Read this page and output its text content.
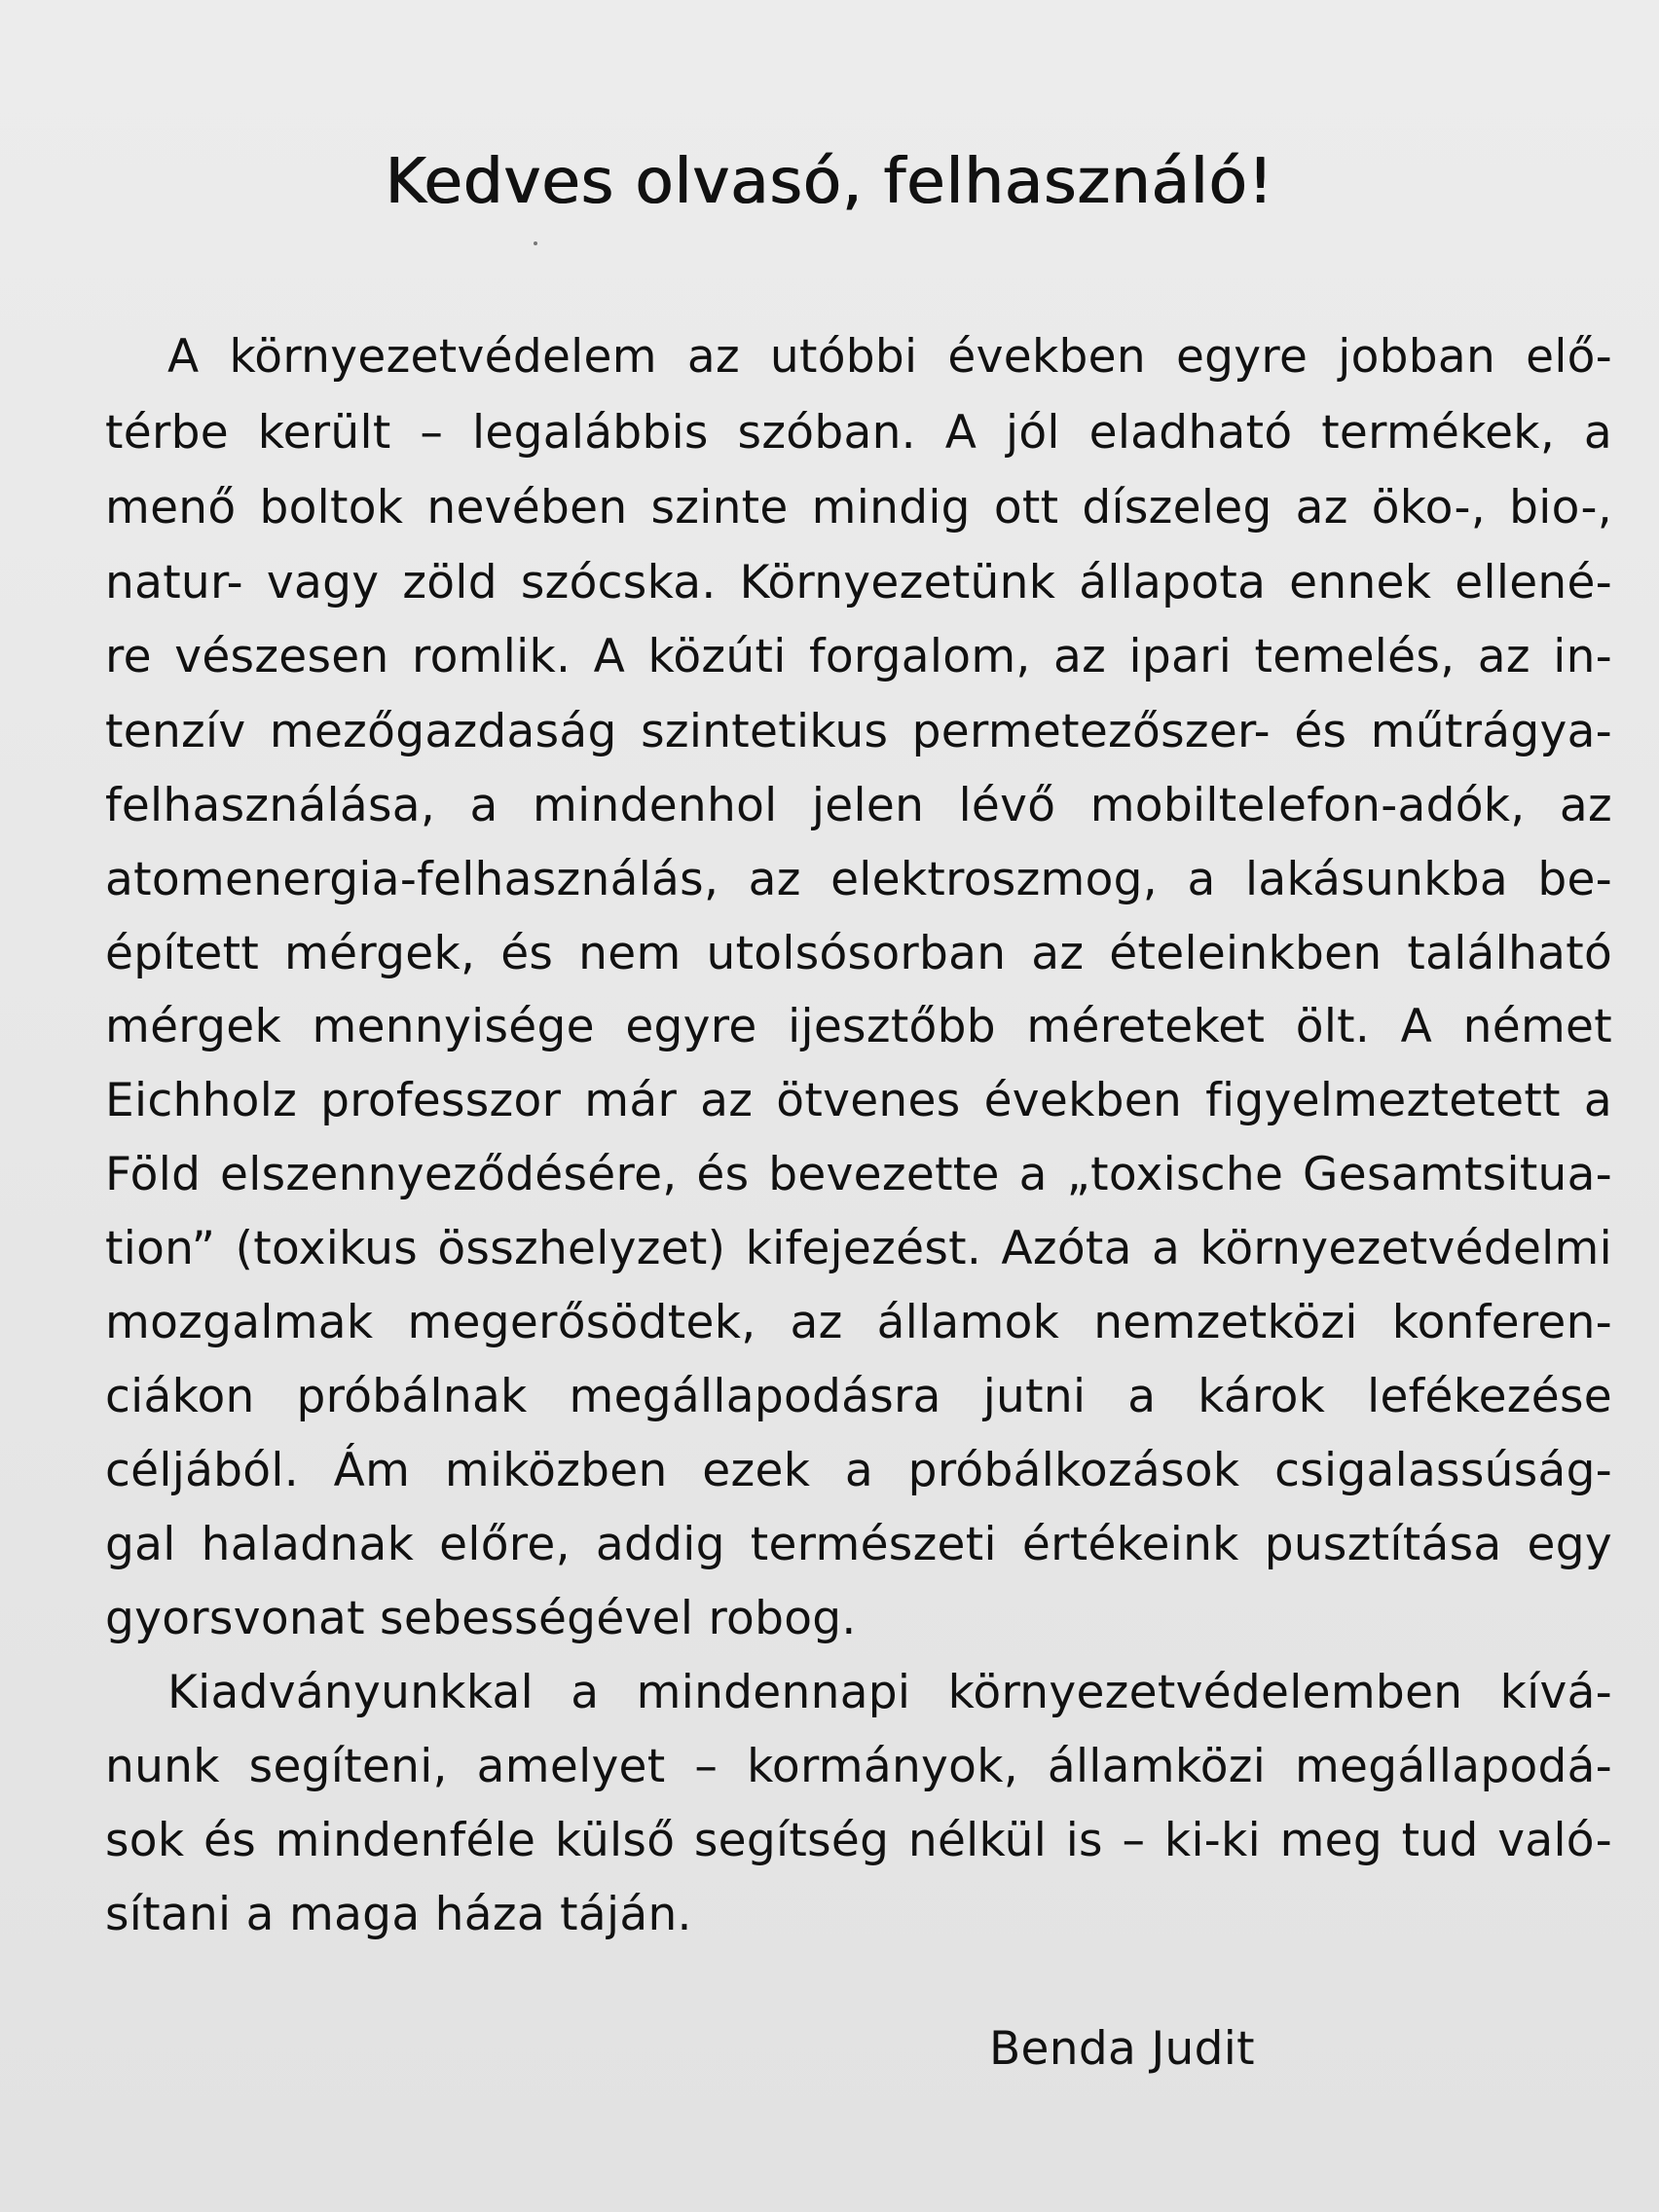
Kedves olvasó, felhasználó!
A környezetvédelem az utóbbi években egyre jobban elő-
térbe került – legalábbis szóban. A jól eladható termékek, a
menő boltok nevében szinte mindig ott díszeleg az öko-, bio-,
natur- vagy zöld szócska. Környezetünk állapota ennek ellené-
re vészesen romlik. A közúti forgalom, az ipari temelés, az in-
tenzív mezőgazdaság szintetikus permetezőszer- és műtrágya-
felhasználása, a mindenhol jelen lévő mobiltelefon-adók, az
atomenergia-felhasználás, az elektroszmog, a lakásunkba be-
épített mérgek, és nem utolsósorban az ételeinkben található
mérgek mennyisége egyre ijesztőbb méreteket ölt. A német
Eichholz professzor már az ötvenes években figyelmeztetett a
Föld elszennyeződésére, és bevezette a „toxische Gesamtsitua-
tion” (toxikus összhelyzet) kifejezést. Azóta a környezetvédelmi
mozgalmak megerősödtek, az államok nemzetközi konferen-
ciákon próbálnak megállapodásra jutni a károk lefékezése
céljából. Ám miközben ezek a próbálkozások csigalassúság-
gal haladnak előre, addig természeti értékeink pusztítása egy
gyorsvonat sebességével robog.
Kiadványunkkal a mindennapi környezetvédelemben kívá-
nunk segíteni, amelyet – kormányok, államközi megállapodá-
sok és mindenféle külső segítség nélkül is – ki-ki meg tud való-
sítani a maga háza táján.
Benda Judit
